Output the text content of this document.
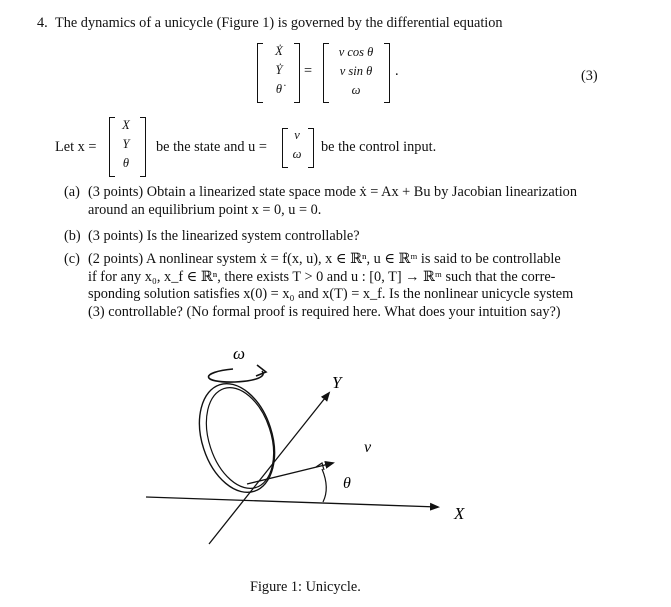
4. The dynamics of a unicycle (Figure 1) is governed by the differential equation
Ẋ
Ẏ
θ̇
=
v cos θ
v sin θ
ω
.	(3)
Let x =
X
Y
θ
be the state and u =
v
ω	be the control input.
(a) (3 points) Obtain a linearized state space mode ẋ = Ax + Bu by Jacobian linearization
around an equilibrium point x = 0, u = 0.
(b) (3 points) Is the linearized system controllable?
(c) (2 points) A nonlinear system ẋ = f(x, u), x ∈ ℝⁿ, u ∈ ℝᵐ is said to be controllable
if for any x₀, x_f ∈ ℝⁿ, there exists T > 0 and u : [0, T] → ℝᵐ such that the corre-
sponding solution satisfies x(0) = x₀ and x(T) = x_f. Is the nonlinear unicycle system
(3) controllable? (No formal proof is required here. What does your intuition say?)
ω
X
Y
v
θ
Figure 1: Unicycle.
